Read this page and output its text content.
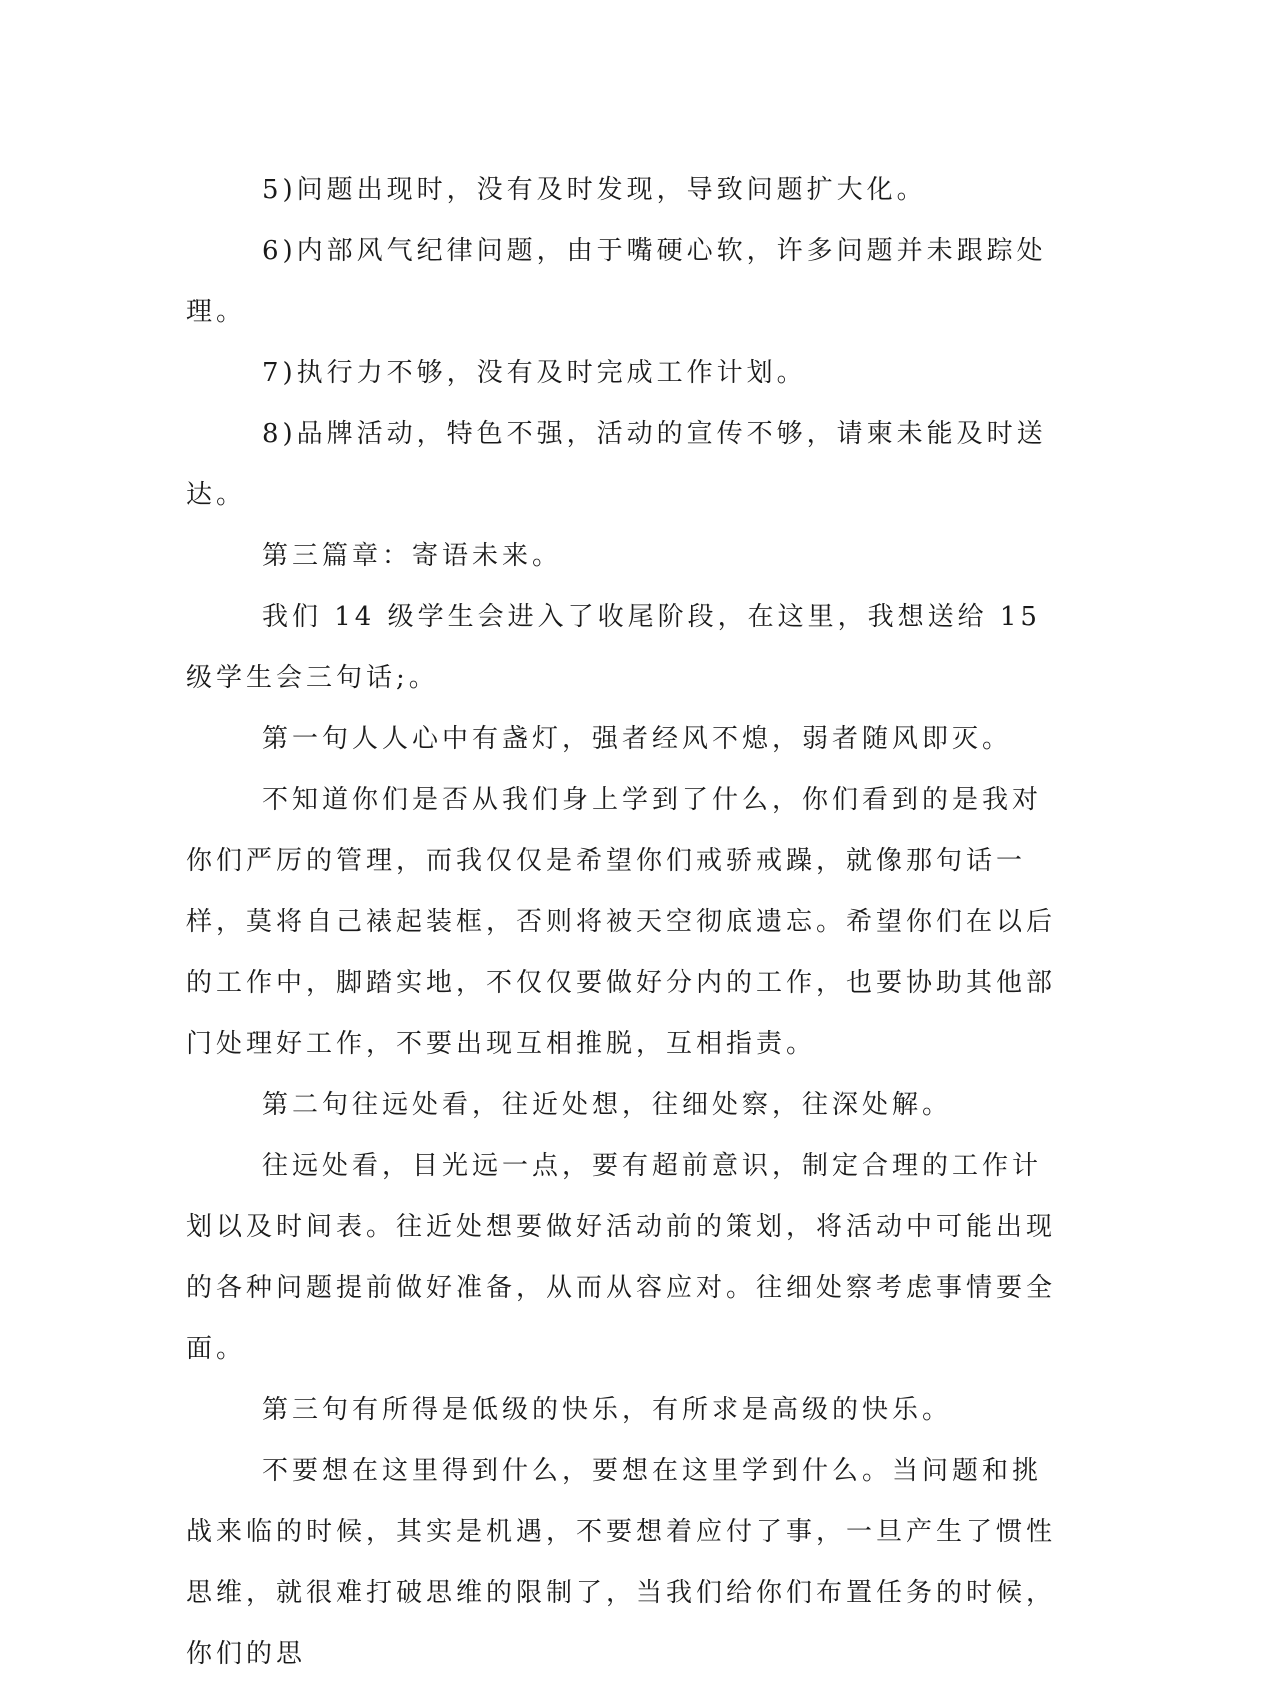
5)问题出现时，没有及时发现，导致问题扩大化。

6)内部风气纪律问题，由于嘴硬心软，许多问题并未跟踪处理。

7)执行力不够，没有及时完成工作计划。

8)品牌活动，特色不强，活动的宣传不够，请柬未能及时送达。

第三篇章：寄语未来。

我们 14 级学生会进入了收尾阶段，在这里，我想送给 15 级学生会三句话;。

第一句人人心中有盏灯，强者经风不熄，弱者随风即灭。

不知道你们是否从我们身上学到了什么，你们看到的是我对你们严厉的管理，而我仅仅是希望你们戒骄戒躁，就像那句话一样，莫将自己裱起装框，否则将被天空彻底遗忘。希望你们在以后的工作中，脚踏实地，不仅仅要做好分内的工作，也要协助其他部门处理好工作，不要出现互相推脱，互相指责。

第二句往远处看，往近处想，往细处察，往深处解。

往远处看，目光远一点，要有超前意识，制定合理的工作计划以及时间表。往近处想要做好活动前的策划，将活动中可能出现的各种问题提前做好准备，从而从容应对。往细处察考虑事情要全面。

第三句有所得是低级的快乐，有所求是高级的快乐。

不要想在这里得到什么，要想在这里学到什么。当问题和挑战来临的时候，其实是机遇，不要想着应付了事，一旦产生了惯性思维，就很难打破思维的限制了，当我们给你们布置任务的时候，你们的思
